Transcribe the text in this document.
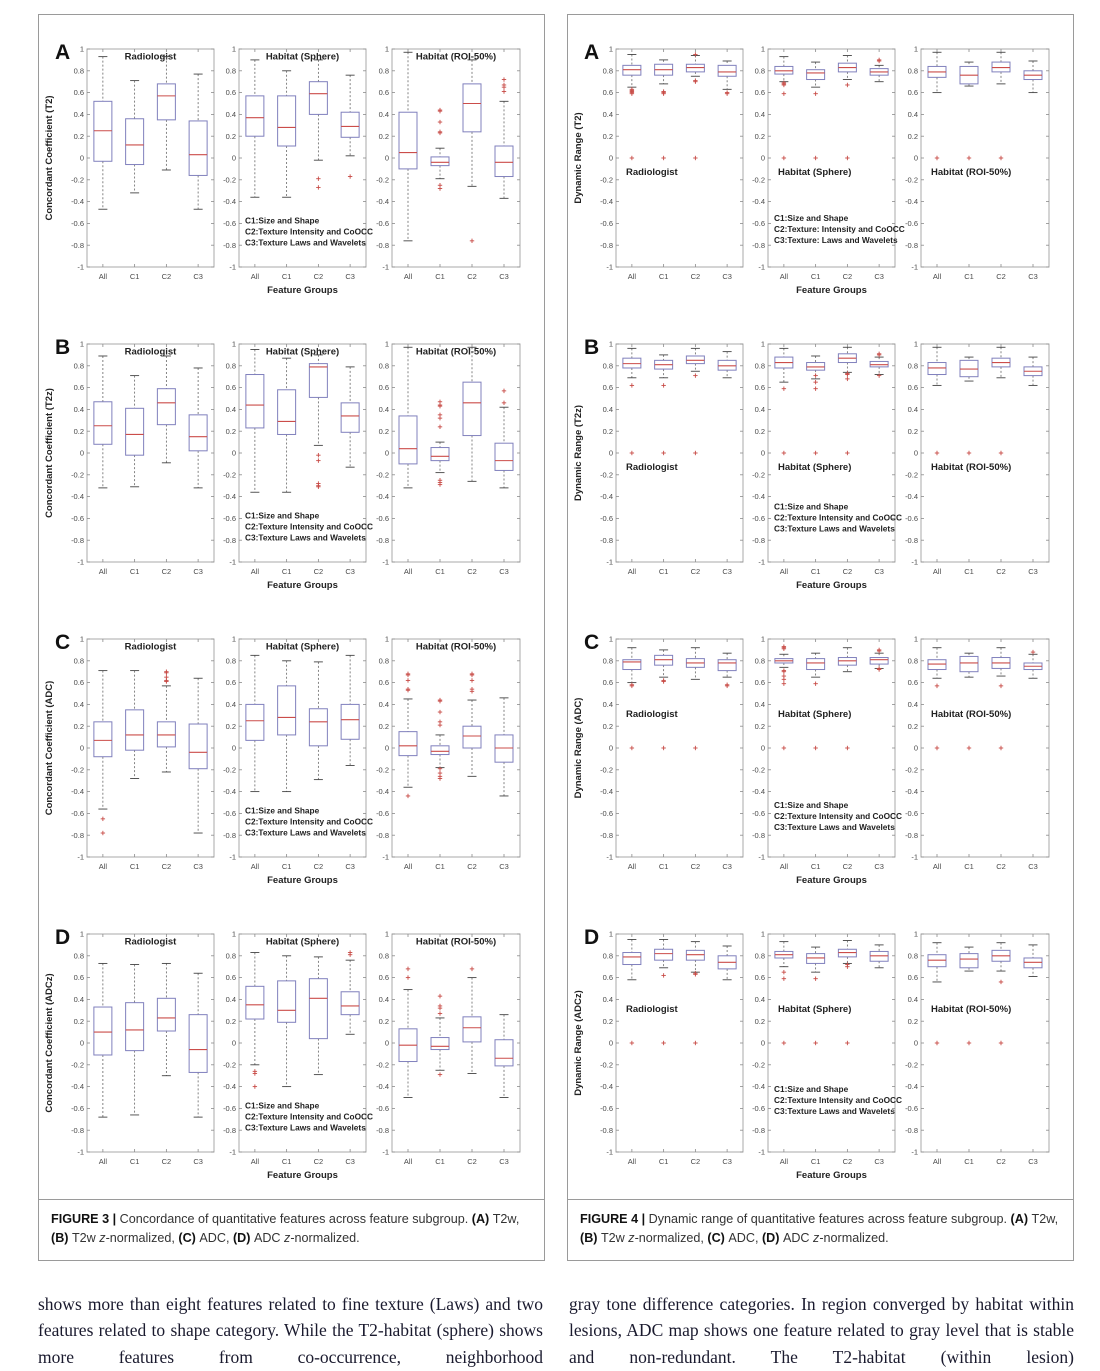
A
-1
-0.8
-0.6
-0.4
-0.2
0
0.2
0.4
0.6
0.8
1
All	C1	C2	C3
Radiologist
Concordant Coefficient (T2)
-1
-0.8
-0.6
-0.4
-0.2
0
0.2
0.4
0.6
0.8
1
All	C1	C2	C3
Habitat (Sphere)
C1:Size and Shape
C2:Texture Intensity and CoOCC
C3:Texture Laws and Wavelets
Feature Groups
-1
-0.8
-0.6
-0.4
-0.2
0
0.2
0.4
0.6
0.8
1
All	C1	C2	C3
Habitat (ROI-50%)
B
-1
-0.8
-0.6
-0.4
-0.2
0
0.2
0.4
0.6
0.8
1
All	C1	C2	C3
Radiologist
Concordant Coefficient (T2z)
-1
-0.8
-0.6
-0.4
-0.2
0
0.2
0.4
0.6
0.8
1
All	C1	C2	C3
Habitat (Sphere)
C1:Size and Shape
C2:Texture Intensity and CoOCC
C3:Texture Laws and Wavelets
Feature Groups
-1
-0.8
-0.6
-0.4
-0.2
0
0.2
0.4
0.6
0.8
1
All	C1	C2	C3
Habitat (ROI-50%)
C
-1
-0.8
-0.6
-0.4
-0.2
0
0.2
0.4
0.6
0.8
1
All	C1	C2	C3
Radiologist
Concordant Coefficient (ADC)
-1
-0.8
-0.6
-0.4
-0.2
0
0.2
0.4
0.6
0.8
1
All	C1	C2	C3
Habitat (Sphere)
C1:Size and Shape
C2:Texture Intensity and CoOCC
C3:Texture Laws and Wavelets
Feature Groups
-1
-0.8
-0.6
-0.4
-0.2
0
0.2
0.4
0.6
0.8
1
All	C1	C2	C3
Habitat (ROI-50%)
D
-1
-0.8
-0.6
-0.4
-0.2
0
0.2
0.4
0.6
0.8
1
All	C1	C2	C3
Radiologist
Concordant Coefficient (ADCz)
-1
-0.8
-0.6
-0.4
-0.2
0
0.2
0.4
0.6
0.8
1
All	C1	C2	C3
Habitat (Sphere)
C1:Size and Shape
C2:Texture Intensity and CoOCC
C3:Texture Laws and Wavelets
Feature Groups
-1
-0.8
-0.6
-0.4
-0.2
0
0.2
0.4
0.6
0.8
1
All	C1	C2	C3
Habitat (ROI-50%)
FIGURE 3 | Concordance of quantitative features across feature subgroup. (A) T2w, (B) T2w z-normalized, (C) ADC, (D) ADC z-normalized.
A
-1
-0.8
-0.6
-0.4
-0.2
0
0.2
0.4
0.6
0.8
1
All	C1	C2	C3
Radiologist
Dynamic Range (T2)
-1
-0.8
-0.6
-0.4
-0.2
0
0.2
0.4
0.6
0.8
1
All	C1	C2	C3
Habitat (Sphere)
C1:Size and Shape
C2:Texture: Intensity and CoOCC
C3:Texture: Laws and Wavelets
Feature Groups
-1
-0.8
-0.6
-0.4
-0.2
0
0.2
0.4
0.6
0.8
1
All	C1	C2	C3
Habitat (ROI-50%)
B
-1
-0.8
-0.6
-0.4
-0.2
0
0.2
0.4
0.6
0.8
1
All	C1	C2	C3
Radiologist
Dynamic Range (T2z)
-1
-0.8
-0.6
-0.4
-0.2
0
0.2
0.4
0.6
0.8
1
All	C1	C2	C3
Habitat (Sphere)
C1:Size and Shape
C2:Texture Intensity and CoOCC
C3:Texture Laws and Wavelets
Feature Groups
-1
-0.8
-0.6
-0.4
-0.2
0
0.2
0.4
0.6
0.8
1
All	C1	C2	C3
Habitat (ROI-50%)
C
-1
-0.8
-0.6
-0.4
-0.2
0
0.2
0.4
0.6
0.8
1
All	C1	C2	C3
Radiologist
Dynamic Range (ADC)
-1
-0.8
-0.6
-0.4
-0.2
0
0.2
0.4
0.6
0.8
1
All	C1	C2	C3
Habitat (Sphere)
C1:Size and Shape
C2:Texture Intensity and CoOCC
C3:Texture Laws and Wavelets
Feature Groups
-1
-0.8
-0.6
-0.4
-0.2
0
0.2
0.4
0.6
0.8
1
All	C1	C2	C3
Habitat (ROI-50%)
D
-1
-0.8
-0.6
-0.4
-0.2
0
0.2
0.4
0.6
0.8
1
All	C1	C2	C3
Radiologist
Dynamic Range (ADCz)
-1
-0.8
-0.6
-0.4
-0.2
0
0.2
0.4
0.6
0.8
1
All	C1	C2	C3
Habitat (Sphere)
C1:Size and Shape
C2:Texture Intensity and CoOCC
C3:Texture Laws and Wavelets
Feature Groups
-1
-0.8
-0.6
-0.4
-0.2
0
0.2
0.4
0.6
0.8
1
All	C1	C2	C3
Habitat (ROI-50%)
FIGURE 4 | Dynamic range of quantitative features across feature subgroup. (A) T2w, (B) T2w z-normalized, (C) ADC, (D) ADC z-normalized.

shows more than eight features related to fine texture (Laws) and two features related to shape category. While the T2-habitat (sphere) shows more features from co-occurrence, neighborhood

gray tone difference categories. In region converged by habitat within lesions, ADC map shows one feature related to gray level that is stable and non-redundant. The T2-habitat (within lesion)
